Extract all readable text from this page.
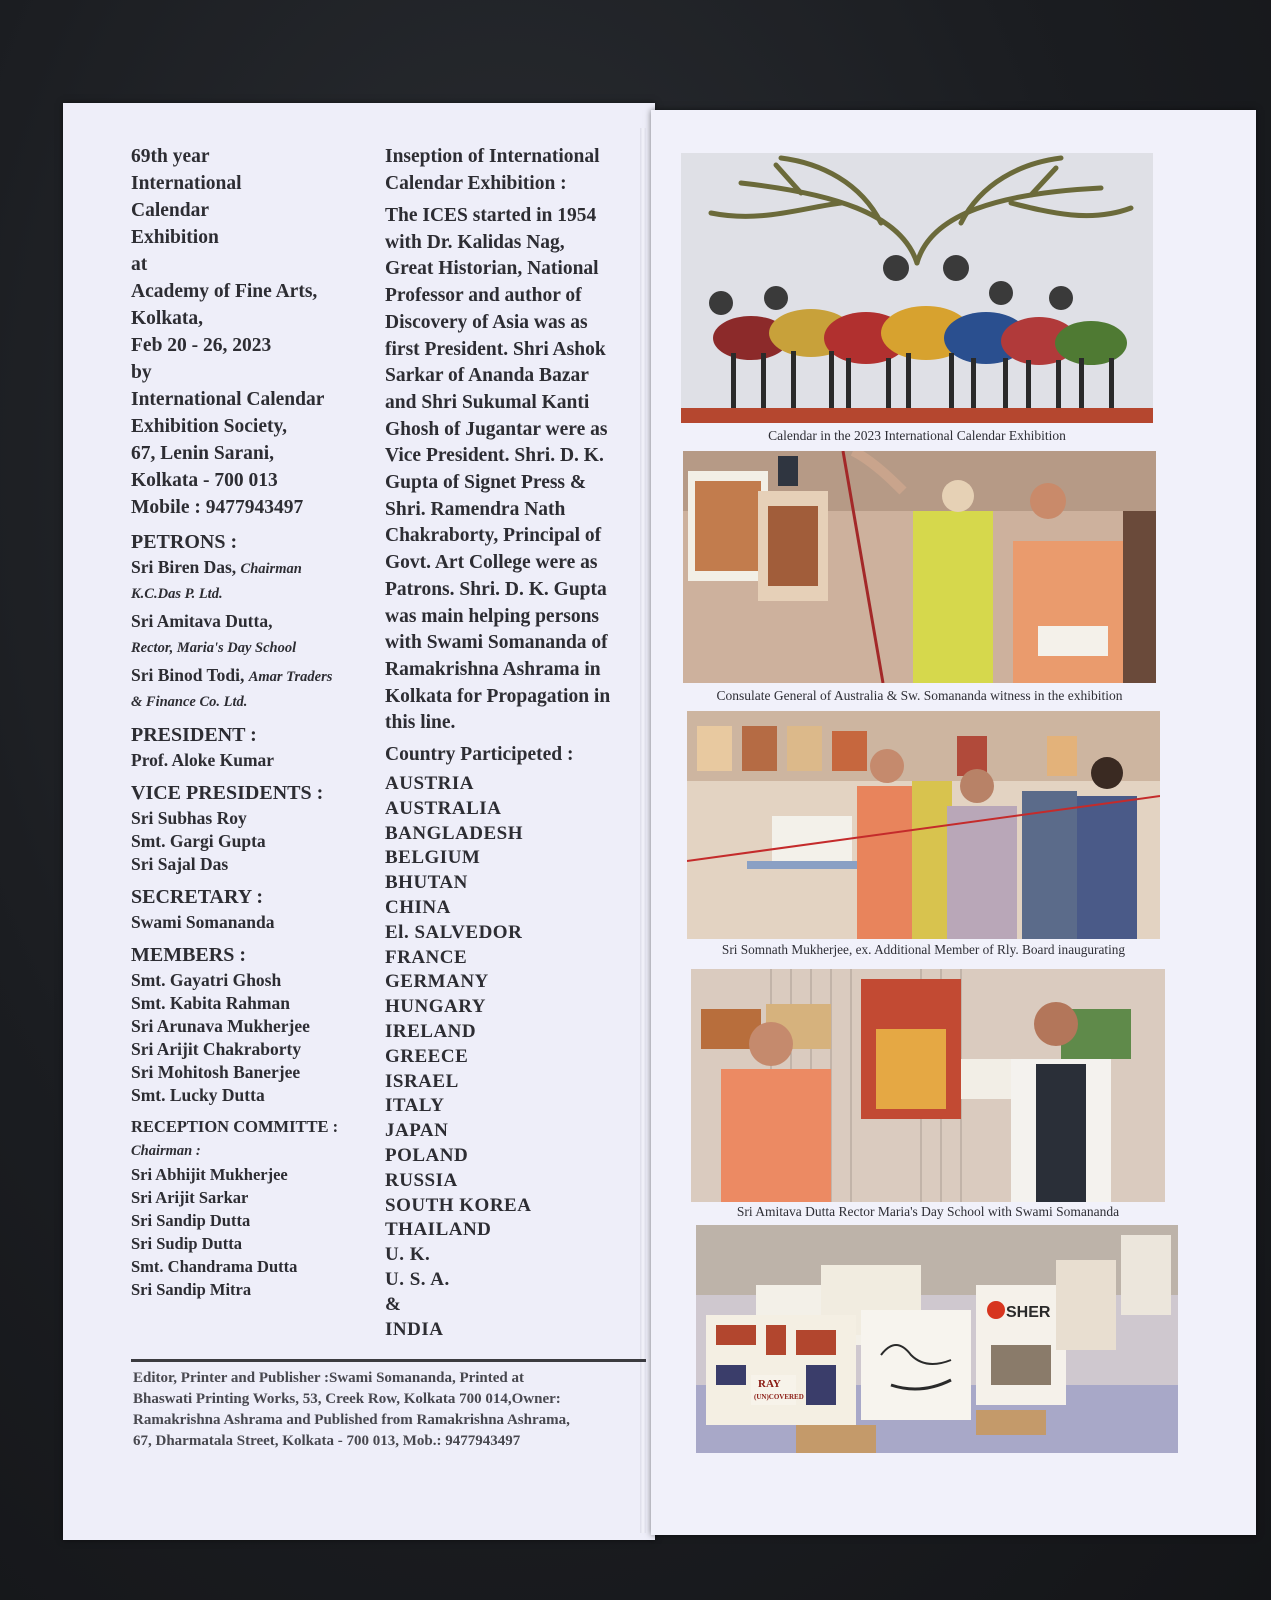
69th year
International
Calendar
Exhibition
at
Academy of Fine Arts,
Kolkata,
Feb 20 - 26, 2023
by
International Calendar
Exhibition Society,
67, Lenin Sarani,
Kolkata - 700 013
Mobile : 9477943497
PETRONS :
Sri Biren Das, Chairman
K.C.Das P. Ltd.
Sri Amitava Dutta,
Rector, Maria's Day School
Sri Binod Todi, Amar Traders
& Finance Co. Ltd.
PRESIDENT :
Prof. Aloke Kumar
VICE PRESIDENTS :
Sri Subhas Roy
Smt. Gargi Gupta
Sri Sajal Das
SECRETARY :
Swami Somananda
MEMBERS :
Smt. Gayatri Ghosh
Smt. Kabita Rahman
Sri Arunava Mukherjee
Sri Arijit Chakraborty
Sri Mohitosh Banerjee
Smt. Lucky Dutta
RECEPTION COMMITTE :
Chairman :
Sri Abhijit Mukherjee
Sri Arijit Sarkar
Sri Sandip Dutta
Sri Sudip Dutta
Smt. Chandrama Dutta
Sri Sandip Mitra
Inseption of International
Calendar Exhibition :
The ICES started in 1954
with Dr. Kalidas Nag,
Great Historian, National
Professor and author of
Discovery of Asia was as
first President. Shri Ashok
Sarkar of Ananda Bazar
and Shri Sukumal Kanti
Ghosh of Jugantar were as
Vice President. Shri. D. K.
Gupta of Signet Press &
Shri. Ramendra Nath
Chakraborty, Principal of
Govt. Art College were as
Patrons. Shri. D. K. Gupta
was main helping persons
with Swami Somananda of
Ramakrishna Ashrama in
Kolkata for Propagation in
this line.
Country Participeted :
AUSTRIA
AUSTRALIA
BANGLADESH
BELGIUM
BHUTAN
CHINA
El. SALVEDOR
FRANCE
GERMANY
HUNGARY
IRELAND
GREECE
ISRAEL
ITALY
JAPAN
POLAND
RUSSIA
SOUTH KOREA
THAILAND
U. K.
U. S. A.
&
INDIA
Editor, Printer and Publisher :Swami Somananda, Printed at
Bhaswati Printing Works, 53, Creek Row, Kolkata 700 014,Owner:
Ramakrishna Ashrama and Published from Ramakrishna Ashrama,
67, Dharmatala Street, Kolkata - 700 013, Mob.: 9477943497
Calendar in the 2023 International Calendar Exhibition
Consulate General of Australia & Sw. Somananda witness in the exhibition
Sri Somnath Mukherjee, ex. Additional Member of Rly. Board inaugurating
Sri Amitava Dutta Rector Maria's Day School with Swami Somananda
RAY
(UN)COVERED
SHER
